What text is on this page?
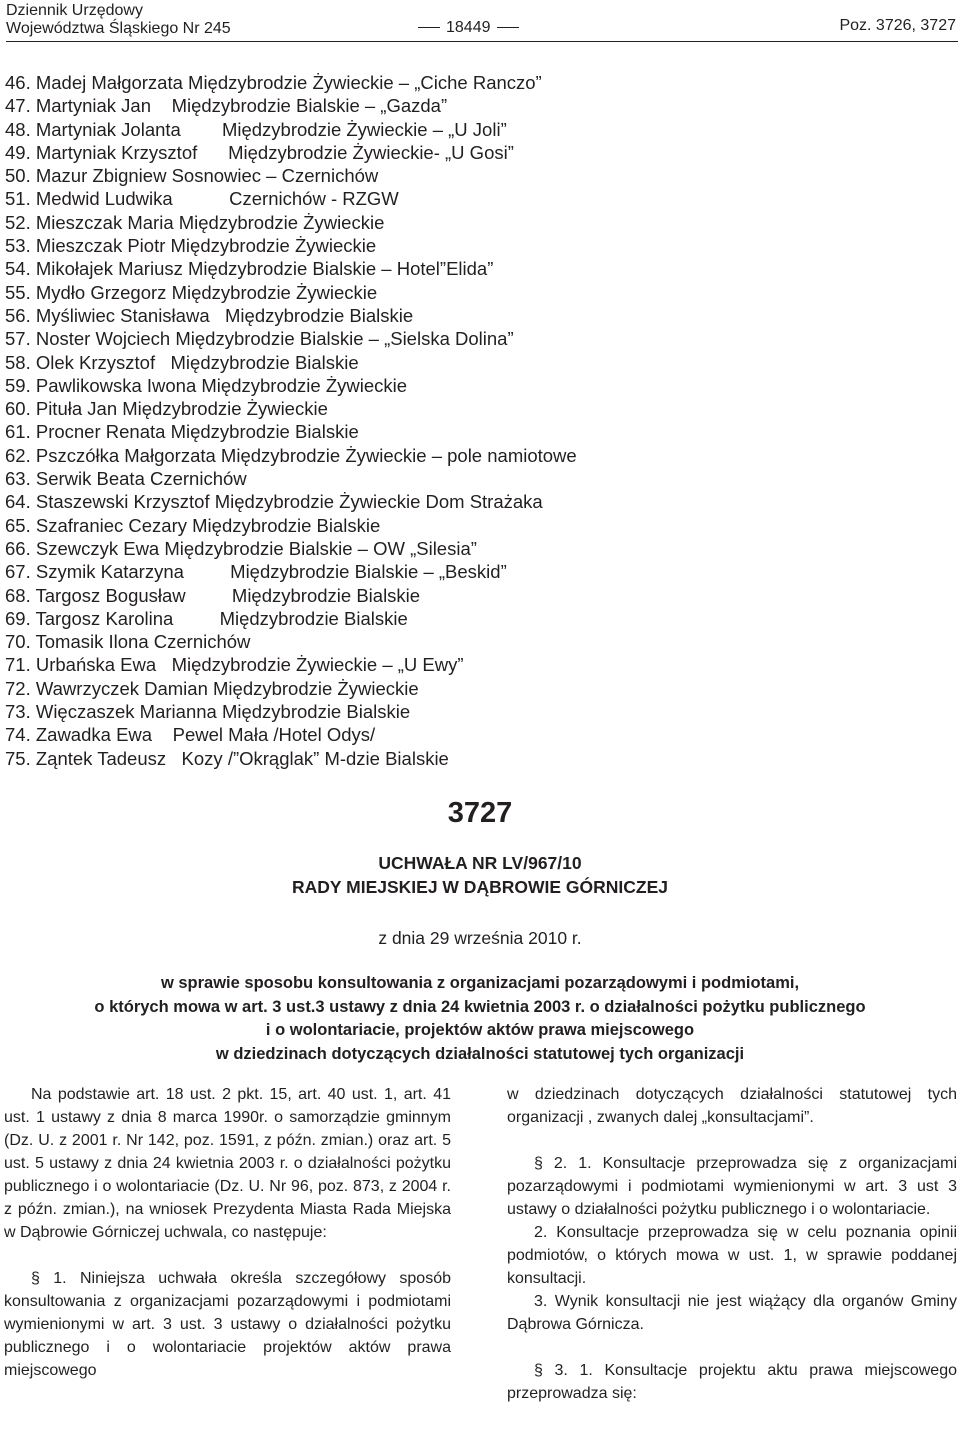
Dziennik Urzędowy
Województwa Śląskiego Nr 245	18449	Poz. 3726, 3727
46. Madej Małgorzata Międzybrodzie Żywieckie – „Ciche Ranczo”
47. Martyniak Jan    Międzybrodzie Bialskie – „Gazda”
48. Martyniak Jolanta        Międzybrodzie Żywieckie – „U Joli”
49. Martyniak Krzysztof      Międzybrodzie Żywieckie- „U Gosi”
50. Mazur Zbigniew Sosnowiec – Czernichów
51. Medwid Ludwika           Czernichów - RZGW
52. Mieszczak Maria Międzybrodzie Żywieckie
53. Mieszczak Piotr Międzybrodzie Żywieckie
54. Mikołajek Mariusz Międzybrodzie Bialskie – Hotel”Elida”
55. Mydło Grzegorz Międzybrodzie Żywieckie
56. Myśliwiec Stanisława   Międzybrodzie Bialskie
57. Noster Wojciech Międzybrodzie Bialskie – „Sielska Dolina”
58. Olek Krzysztof   Międzybrodzie Bialskie
59. Pawlikowska Iwona Międzybrodzie Żywieckie
60. Pituła Jan Międzybrodzie Żywieckie
61. Procner Renata Międzybrodzie Bialskie
62. Pszczółka Małgorzata Międzybrodzie Żywieckie – pole namiotowe
63. Serwik Beata Czernichów
64. Staszewski Krzysztof Międzybrodzie Żywieckie Dom Strażaka
65. Szafraniec Cezary Międzybrodzie Bialskie
66. Szewczyk Ewa Międzybrodzie Bialskie – OW „Silesia”
67. Szymik Katarzyna         Międzybrodzie Bialskie – „Beskid”
68. Targosz Bogusław         Międzybrodzie Bialskie
69. Targosz Karolina         Międzybrodzie Bialskie
70. Tomasik Ilona Czernichów
71. Urbańska Ewa   Międzybrodzie Żywieckie – „U Ewy”
72. Wawrzyczek Damian Międzybrodzie Żywieckie
73. Więczaszek Marianna Międzybrodzie Bialskie
74. Zawadka Ewa    Pewel Mała /Hotel Odys/
75. Ząntek Tadeusz   Kozy /”Okrąglak” M-dzie Bialskie
3727
UCHWAŁA NR LV/967/10
RADY MIEJSKIEJ W DĄBROWIE GÓRNICZEJ
z dnia 29 września 2010 r.
w sprawie sposobu konsultowania z organizacjami pozarządowymi i podmiotami,
o których mowa w art. 3 ust.3 ustawy z dnia 24 kwietnia 2003 r. o działalności pożytku publicznego
i o wolontariacie, projektów aktów prawa miejscowego
w dziedzinach dotyczących działalności statutowej tych organizacji

Na podstawie art. 18 ust. 2 pkt. 15, art. 40 ust. 1, art. 41 ust. 1 ustawy z dnia 8 marca 1990r. o samorządzie gminnym (Dz. U. z 2001 r. Nr 142, poz. 1591, z późn. zmian.) oraz art. 5 ust. 5 ustawy z dnia 24 kwietnia 2003 r. o działalności pożytku publicznego i o wolontariacie (Dz. U. Nr 96, poz. 873, z 2004 r. z późn. zmian.), na wniosek Prezydenta Miasta Rada Miejska w Dąbrowie Górniczej uchwala, co następuje:

§ 1. Niniejsza uchwała określa szczegółowy sposób konsultowania z organizacjami pozarządowymi i podmiotami wymienionymi w art. 3 ust. 3 ustawy o działalności pożytku publicznego i o wolontariacie projektów aktów prawa miejscowego

w dziedzinach dotyczących działalności statutowej tych organizacji , zwanych dalej „konsultacjami”.

§ 2. 1. Konsultacje przeprowadza się z organizacjami pozarządowymi i podmiotami wymienionymi w art. 3 ust 3 ustawy o działalności pożytku publicznego i o wolontariacie.

2. Konsultacje przeprowadza się w celu poznania opinii podmiotów, o których mowa w ust. 1, w sprawie poddanej konsultacji.

3. Wynik konsultacji nie jest wiążący dla organów Gminy Dąbrowa Górnicza.

§ 3. 1. Konsultacje projektu aktu prawa miejscowego przeprowadza się:
